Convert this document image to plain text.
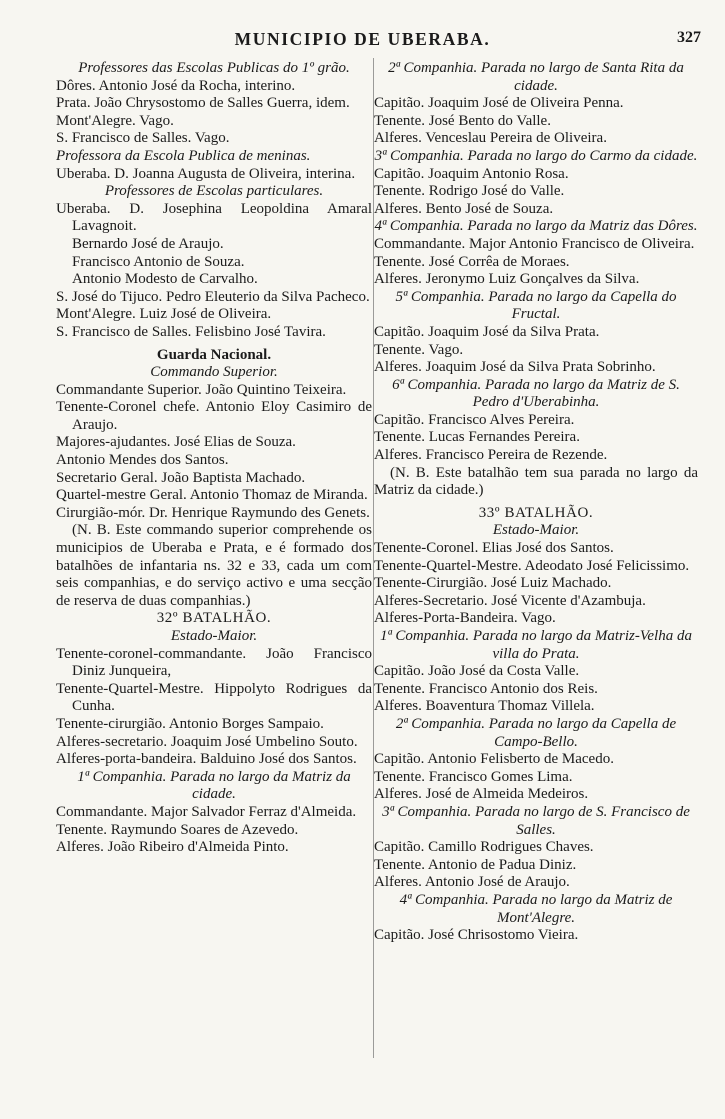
MUNICIPIO DE UBERABA.	327

Professores das Escolas Publicas do 1º grão.

Dôres. Antonio José da Rocha, interino.

Prata. João Chrysostomo de Salles Guerra, idem.

Mont'Alegre. Vago.

S. Francisco de Salles. Vago.

Professora da Escola Publica de meninas.

Uberaba. D. Joanna Augusta de Oliveira, interina.

Professores de Escolas particulares.

Uberaba. D. Josephina Leopoldina Amaral Lavagnoit.

Bernardo José de Araujo.

Francisco Antonio de Souza.

Antonio Modesto de Carvalho.

S. José do Tijuco. Pedro Eleuterio da Silva Pacheco.

Mont'Alegre. Luiz José de Oliveira.

S. Francisco de Salles. Felisbino José Tavira.

Guarda Nacional.

Commando Superior.

Commandante Superior. João Quintino Teixeira.

Tenente-Coronel chefe. Antonio Eloy Casimiro de Araujo.

Majores-ajudantes. José Elias de Souza.

Antonio Mendes dos Santos.

Secretario Geral. João Baptista Machado.

Quartel-mestre Geral. Antonio Thomaz de Miranda.

Cirurgião-mór. Dr. Henrique Raymundo des Genets.

(N. B. Este commando superior comprehende os municipios de Uberaba e Prata, e é formado dos batalhões de infantaria ns. 32 e 33, cada um com seis companhias, e do serviço activo e uma secção de reserva de duas companhias.)

32º BATALHÃO.

Estado-Maior.

Tenente-coronel-commandante. João Francisco Diniz Junqueira,

Tenente-Quartel-Mestre. Hippolyto Rodrigues da Cunha.

Tenente-cirurgião. Antonio Borges Sampaio.

Alferes-secretario. Joaquim José Umbelino Souto.

Alferes-porta-bandeira. Balduino José dos Santos.

1ª Companhia. Parada no largo da Matriz da cidade.

Commandante. Major Salvador Ferraz d'Almeida.

Tenente. Raymundo Soares de Azevedo.

Alferes. João Ribeiro d'Almeida Pinto.

2ª Companhia. Parada no largo de Santa Rita da cidade.

Capitão. Joaquim José de Oliveira Penna.

Tenente. José Bento do Valle.

Alferes. Venceslau Pereira de Oliveira.

3ª Companhia. Parada no largo do Carmo da cidade.

Capitão. Joaquim Antonio Rosa.

Tenente. Rodrigo José do Valle.

Alferes. Bento José de Souza.

4ª Companhia. Parada no largo da Matriz das Dôres.

Commandante. Major Antonio Francisco de Oliveira.

Tenente. José Corrêa de Moraes.

Alferes. Jeronymo Luiz Gonçalves da Silva.

5ª Companhia. Parada no largo da Capella do Fructal.

Capitão. Joaquim José da Silva Prata.

Tenente. Vago.

Alferes. Joaquim José da Silva Prata Sobrinho.

6ª Companhia. Parada no largo da Matriz de S. Pedro d'Uberabinha.

Capitão. Francisco Alves Pereira.

Tenente. Lucas Fernandes Pereira.

Alferes. Francisco Pereira de Rezende.

(N. B. Este batalhão tem sua parada no largo da Matriz da cidade.)

33º BATALHÃO.

Estado-Maior.

Tenente-Coronel. Elias José dos Santos.

Tenente-Quartel-Mestre. Adeodato José Felicissimo.

Tenente-Cirurgião. José Luiz Machado.

Alferes-Secretario. José Vicente d'Azambuja.

Alferes-Porta-Bandeira. Vago.

1ª Companhia. Parada no largo da Matriz-Velha da villa do Prata.

Capitão. João José da Costa Valle.

Tenente. Francisco Antonio dos Reis.

Alferes. Boaventura Thomaz Villela.

2ª Companhia. Parada no largo da Capella de Campo-Bello.

Capitão. Antonio Felisberto de Macedo.

Tenente. Francisco Gomes Lima.

Alferes. José de Almeida Medeiros.

3ª Companhia. Parada no largo de S. Francisco de Salles.

Capitão. Camillo Rodrigues Chaves.

Tenente. Antonio de Padua Diniz.

Alferes. Antonio José de Araujo.

4ª Companhia. Parada no largo da Matriz de Mont'Alegre.

Capitão. José Chrisostomo Vieira.
